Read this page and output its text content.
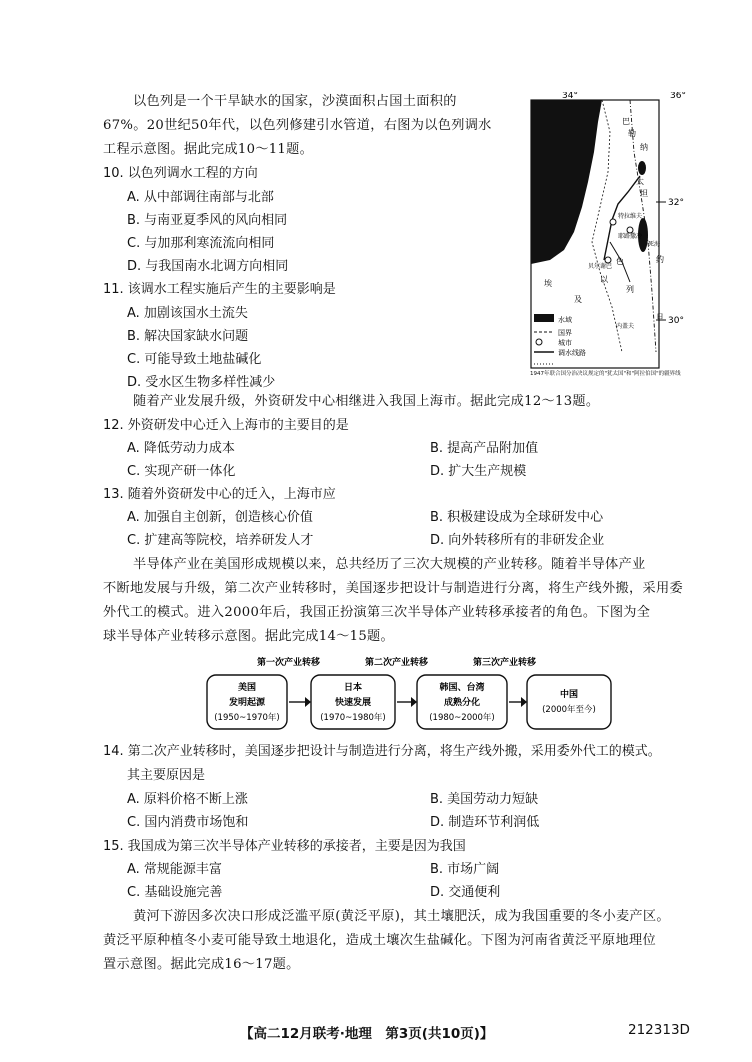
以色列是一个干旱缺水的国家，沙漠面积占国土面积的
67%。20世纪50年代，以色列修建引水管道，右图为以色列调水
工程示意图。据此完成10～11题。
10. 以色列调水工程的方向
A. 从中部调往南部与北部
B. 与南亚夏季风的风向相同
C. 与加那利寒流流向相同
D. 与我国南水北调方向相同
11. 该调水工程实施后产生的主要影响是
A. 加剧该国水土流失
B. 解决国家缺水问题
C. 可能导致土地盐碱化
D. 受水区生物多样性减少
34°	36°
32°
30°
巴
勒
纳
太
坦
以
色
列
埃
及
约
旦
特拉维夫
耶路撒冷
死海
贝尔谢巴
内盖夫
水域
国界
城市
调水线路
1947年联合国分治决议规定的"犹太国"和"阿拉伯国"的疆界线
随着产业发展升级，外资研发中心相继进入我国上海市。据此完成12～13题。
12. 外资研发中心迁入上海市的主要目的是
A. 降低劳动力成本	B. 提高产品附加值
C. 实现产研一体化	D. 扩大生产规模
13. 随着外资研发中心的迁入，上海市应
A. 加强自主创新，创造核心价值	B. 积极建设成为全球研发中心
C. 扩建高等院校，培养研发人才	D. 向外转移所有的非研发企业
半导体产业在美国形成规模以来，总共经历了三次大规模的产业转移。随着半导体产业
不断地发展与升级，第二次产业转移时，美国逐步把设计与制造进行分离，将生产线外搬，采用委
外代工的模式。进入2000年后，我国正扮演第三次半导体产业转移承接者的角色。下图为全
球半导体产业转移示意图。据此完成14～15题。
第一次产业转移	第二次产业转移	第三次产业转移
美国
发明起源
(1950~1970年)
日本
快速发展
(1970~1980年)
韩国、台湾
成熟分化
(1980~2000年)
中国
(2000年至今)
14. 第二次产业转移时，美国逐步把设计与制造进行分离，将生产线外搬，采用委外代工的模式。
其主要原因是
A. 原料价格不断上涨	B. 美国劳动力短缺
C. 国内消费市场饱和	D. 制造环节利润低
15. 我国成为第三次半导体产业转移的承接者，主要是因为我国
A. 常规能源丰富	B. 市场广阔
C. 基础设施完善	D. 交通便利
黄河下游因多次决口形成泛滥平原(黄泛平原)，其土壤肥沃，成为我国重要的冬小麦产区。
黄泛平原种植冬小麦可能导致土地退化，造成土壤次生盐碱化。下图为河南省黄泛平原地理位
置示意图。据此完成16～17题。
【高二12月联考·地理　第3页(共10页)】	212313D
